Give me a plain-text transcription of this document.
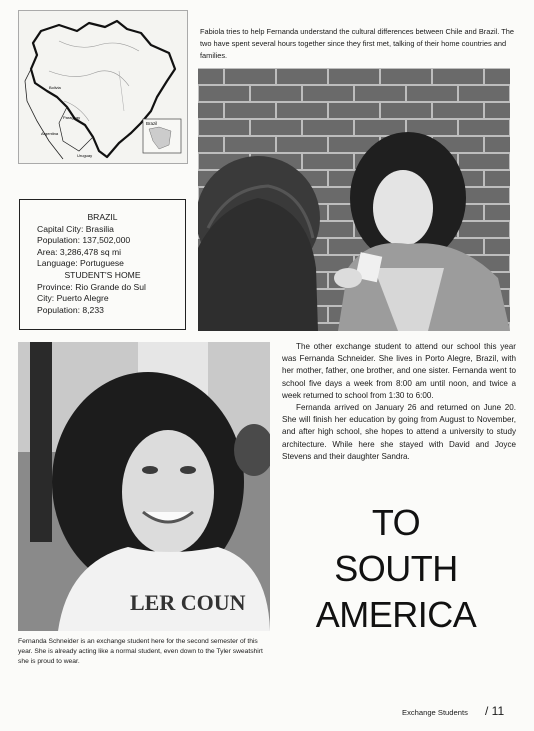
Brazil
Bolivia
Paraguay
Argentina
Uruguay
Fabiola tries to help Fernanda understand the cultural differences between Chile and Brazil. The two have spent several hours together since they first met, talking of their home countries and families.
BRAZIL
Capital City: Brasilia
Population: 137,502,000
Area: 3,286,478 sq mi
Language: Portuguese
STUDENT'S HOME
Province: Rio Grande do Sul
City: Puerto Alegre
Population: 8,233
LER COUN

The other exchange student to attend our school this year was Fernanda Schneider. She lives in Porto Alegre, Brazil, with her mother, father, one brother, and one sister. Fernanda went to school five days a week from 8:00 am until noon, and twice a week returned to school from 1:30 to 6:00.

Fernanda arrived on January 26 and returned on June 20. She will finish her education by going from August to November, and after high school, she hopes to attend a university to study architecture. While here she stayed with David and Joyce Stevens and their daughter Sandra.

TO
SOUTH
AMERICA
Fernanda Schneider is an exchange student here for the second semester of this year. She is already acting like a normal student, even down to the Tyler sweatshirt she is proud to wear.
Exchange Students / 11
